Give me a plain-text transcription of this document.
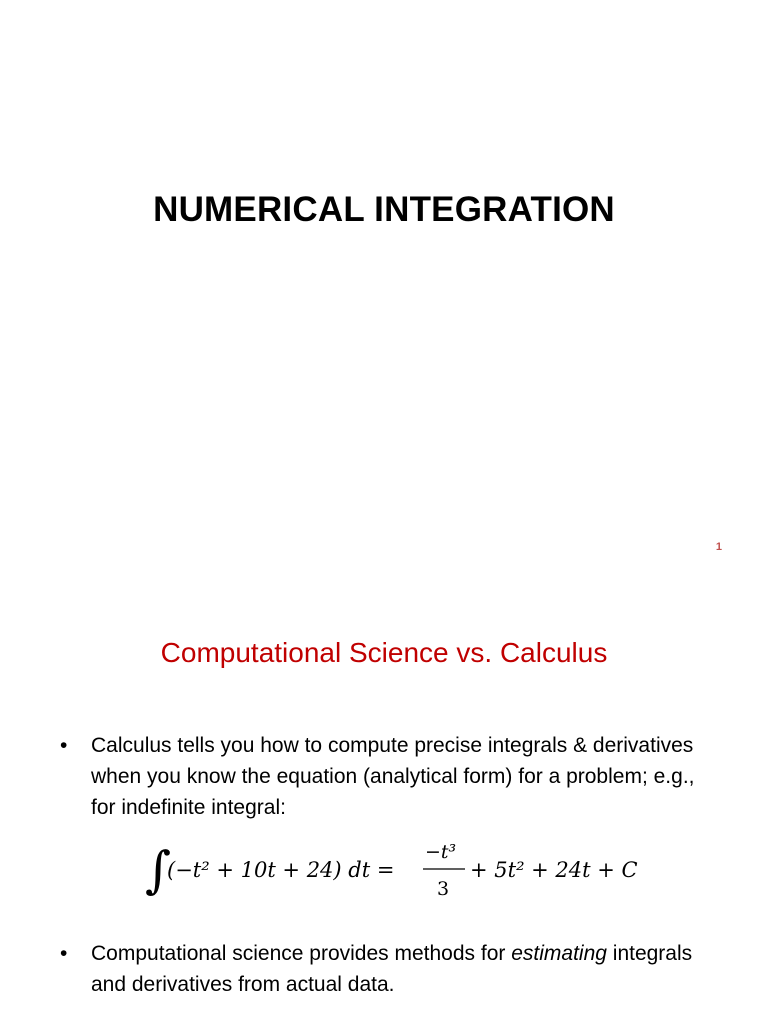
NUMERICAL INTEGRATION
1
Computational Science vs. Calculus
• Calculus tells you how to compute precise integrals & derivatives when you know the equation (analytical form) for a problem; e.g., for indefinite integral:
∫
(−t² + 10t + 24) dt =
−t³
3
+ 5t² + 24t + C
• Computational science provides methods for estimating integrals and derivatives from actual data.
